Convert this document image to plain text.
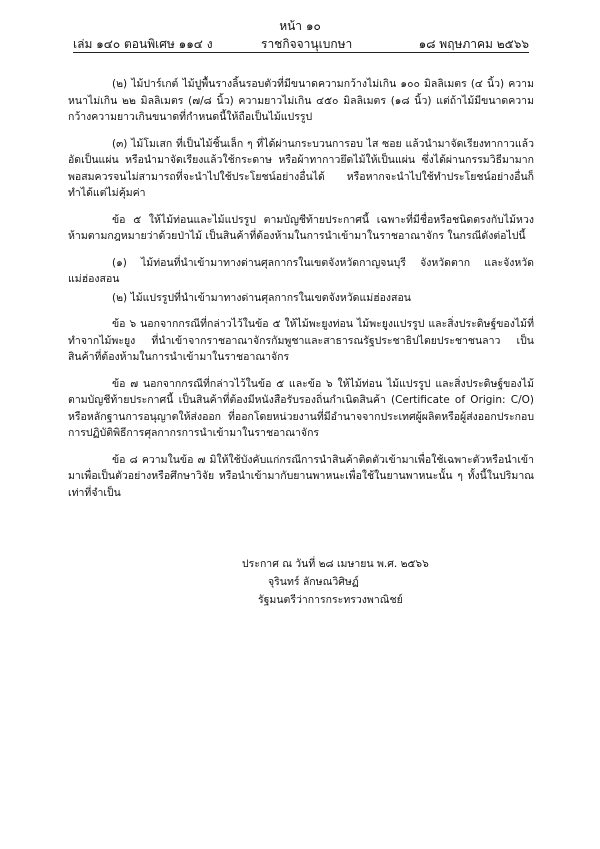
หน้า ๑๐
เล่ม ๑๔๐ ตอนพิเศษ ๑๑๔ ง	ราชกิจจานุเบกษา	๑๘ พฤษภาคม ๒๕๖๖

(๒) ไม้ปาร์เกต์ ไม้ปูพื้นรางลิ้นรอบตัวที่มีขนาดความกว้างไม่เกิน ๑๐๐ มิลลิเมตร (๔ นิ้ว) ความหนาไม่เกิน ๒๒ มิลลิเมตร (๗/๘ นิ้ว) ความยาวไม่เกิน ๔๕๐ มิลลิเมตร (๑๘ นิ้ว) แต่ถ้าไม้มีขนาดความกว้างความยาวเกินขนาดที่กำหนดนี้ให้ถือเป็นไม้แปรรูป

(๓) ไม้โมเสก ที่เป็นไม้ชิ้นเล็ก ๆ ที่ได้ผ่านกระบวนการอบ ไส ซอย แล้วนำมาจัดเรียงทากาวแล้วอัดเป็นแผ่น หรือนำมาจัดเรียงแล้วใช้กระดาษ หรือผ้าทากาวยึดไม้ให้เป็นแผ่น ซึ่งได้ผ่านกรรมวิธีมามากพอสมควรจนไม่สามารถที่จะนำไปใช้ประโยชน์อย่างอื่นได้ หรือหากจะนำไปใช้ทำประโยชน์อย่างอื่นก็ทำได้แต่ไม่คุ้มค่า

ข้อ ๕ ให้ไม้ท่อนและไม้แปรรูป ตามบัญชีท้ายประกาศนี้ เฉพาะที่มีชื่อหรือชนิดตรงกับไม้หวงห้ามตามกฎหมายว่าด้วยป่าไม้ เป็นสินค้าที่ต้องห้ามในการนำเข้ามาในราชอาณาจักร ในกรณีดังต่อไปนี้

(๑) ไม้ท่อนที่นำเข้ามาทางด่านศุลกากรในเขตจังหวัดกาญจนบุรี จังหวัดตาก และจังหวัดแม่ฮ่องสอน

(๒) ไม้แปรรูปที่นำเข้ามาทางด่านศุลกากรในเขตจังหวัดแม่ฮ่องสอน

ข้อ ๖ นอกจากกรณีที่กล่าวไว้ในข้อ ๕ ให้ไม้พะยูงท่อน ไม้พะยูงแปรรูป และสิ่งประดิษฐ์ของไม้ที่ทำจากไม้พะยูง ที่นำเข้าจากราชอาณาจักรกัมพูชาและสาธารณรัฐประชาธิปไตยประชาชนลาว เป็นสินค้าที่ต้องห้ามในการนำเข้ามาในราชอาณาจักร

ข้อ ๗ นอกจากกรณีที่กล่าวไว้ในข้อ ๕ และข้อ ๖ ให้ไม้ท่อน ไม้แปรรูป และสิ่งประดิษฐ์ของไม้ตามบัญชีท้ายประกาศนี้ เป็นสินค้าที่ต้องมีหนังสือรับรองถิ่นกำเนิดสินค้า (Certificate of Origin: C/O) หรือหลักฐานการอนุญาตให้ส่งออก ที่ออกโดยหน่วยงานที่มีอำนาจจากประเทศผู้ผลิตหรือผู้ส่งออกประกอบการปฏิบัติพิธีการศุลกากรการนำเข้ามาในราชอาณาจักร

ข้อ ๘ ความในข้อ ๗ มิให้ใช้บังคับแก่กรณีการนำสินค้าติดตัวเข้ามาเพื่อใช้เฉพาะตัวหรือนำเข้ามาเพื่อเป็นตัวอย่างหรือศึกษาวิจัย หรือนำเข้ามากับยานพาหนะเพื่อใช้ในยานพาหนะนั้น ๆ ทั้งนี้ในปริมาณเท่าที่จำเป็น

ประกาศ ณ วันที่ ๒๘ เมษายน พ.ศ. ๒๕๖๖
จุรินทร์ ลักษณวิศิษฏ์
รัฐมนตรีว่าการกระทรวงพาณิชย์
